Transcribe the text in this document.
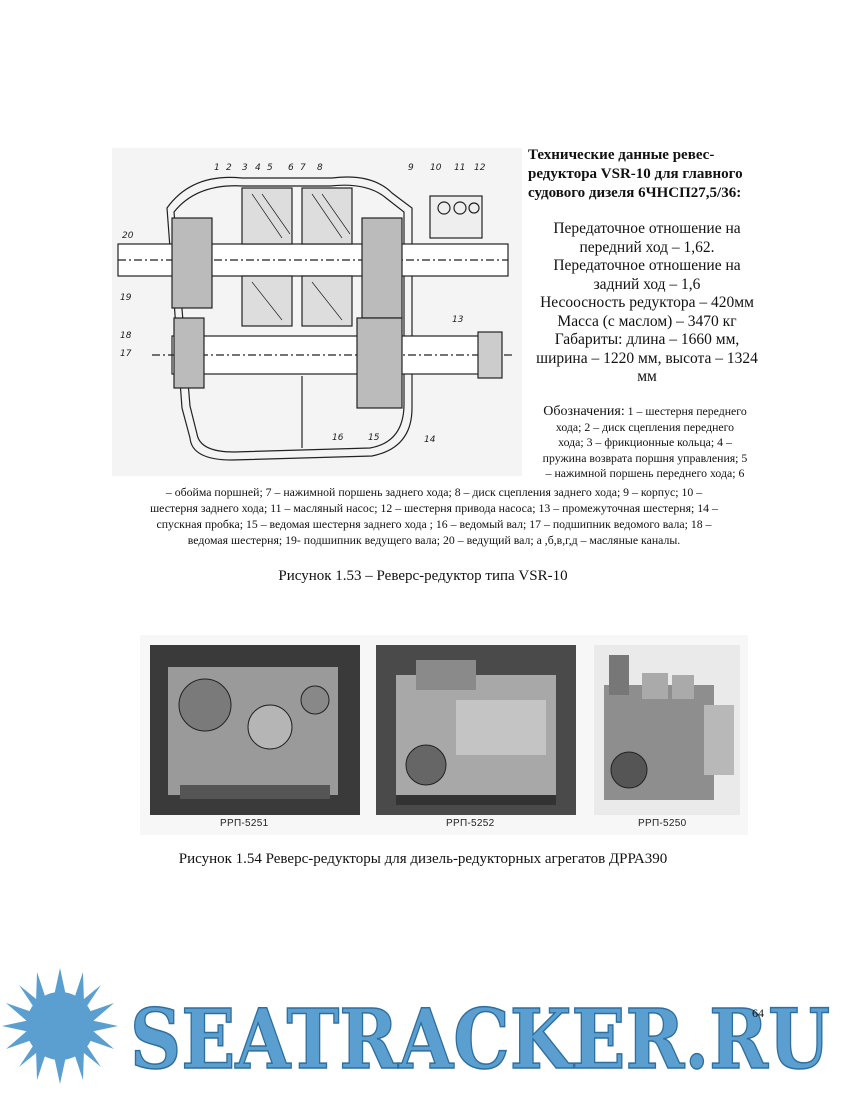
1 2 3 4 5 6 7 8	9 10 11 12
20
19
18
17
13
14
16	15
Технические данные ревес-редуктора VSR-10 для главного судового дизеля 6ЧНСП27,5/36:
Передаточное отношение на
передний ход – 1,62.
Передаточное отношение на
задний ход – 1,6
Несоосность редуктора – 420мм
Масса (с маслом) – 3470 кг
Габариты: длина – 1660 мм,
ширина – 1220 мм, высота – 1324
мм
Обозначения: 1 – шестерня переднего
хода; 2 – диск сцепления переднего
хода; 3 – фрикционные кольца; 4 –
пружина возврата поршня управления; 5
– нажимной поршень переднего хода; 6
– обойма поршней; 7 – нажимной поршень заднего хода; 8 – диск сцепления заднего хода; 9 – корпус; 10 –
шестерня заднего хода; 11 – масляный насос; 12 – шестерня привода насоса; 13 – промежуточная шестерня; 14 –
спускная пробка; 15 – ведомая шестерня заднего хода ; 16 – ведомый вал; 17 – подшипник ведомого вала; 18 –
ведомая шестерня; 19- подшипник ведущего вала; 20 – ведущий вал; а ,б,в,г,д – масляные каналы.
Рисунок 1.53 – Реверс-редуктор типа VSR-10
РРП-5251	РРП-5252	РРП-5250
Рисунок 1.54 Реверс-редукторы для дизель-редукторных агрегатов ДРРА390
SEATRACKER.RU
64
